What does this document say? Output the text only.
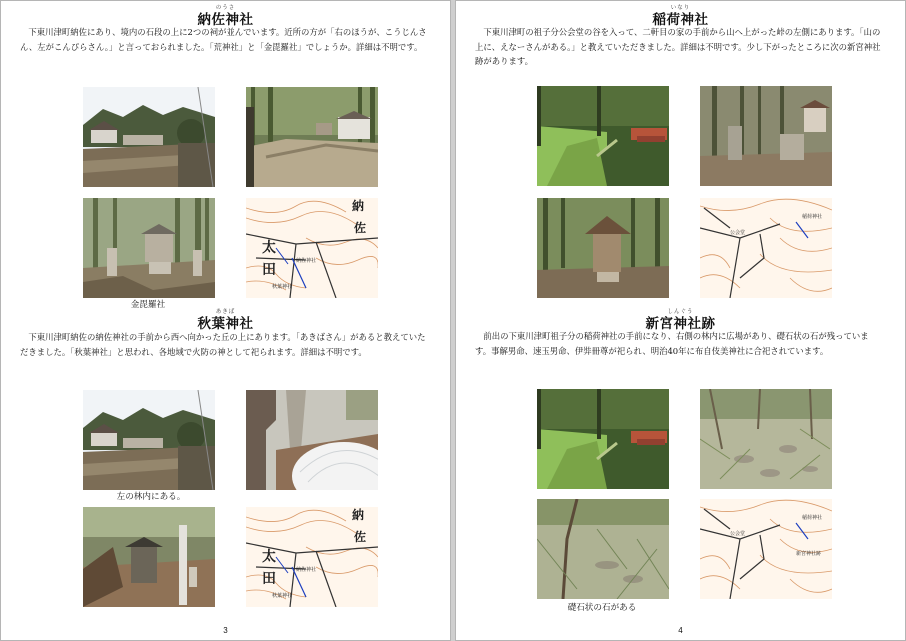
のうさ
納佐神社

下東川津町納佐にあり、境内の石段の上に2つの祠が並んでいます。近所の方が「右のほうが、こうじんさん、左がこんぴらさん。」と言っておられました。「荒神社」と「金毘羅社」でしょうか。詳細は不明です。

納
佐
太
田
納佐神社
秋葉神社
金毘羅社
あきば
秋葉神社

下東川津町納佐の納佐神社の手前から西へ向かった丘の上にあります。「あきばさん」があると教えていただきました。「秋葉神社」と思われ、各地域で火防の神として祀られます。詳細は不明です。

左の林内にある。
納
佐
太
田
納佐神社
秋葉神社
3
いなり
稲荷神社

下東川津町の祖子分公会堂の谷を入って、二軒目の家の手前から山へ上がった峠の左側にあります。「山の上に、えなーさんがある。」と教えていただきました。詳細は不明です。少し下がったところに次の新宮神社跡があります。

公会堂
稲荷神社
しんぐう
新宮神社跡

前出の下東川津町祖子分の稲荷神社の手前になり、右側の林内に広場があり、礎石状の石が残っています。事解男命、速玉男命、伊弉冊尊が祀られ、明治40年に布自伎美神社に合祀されています。

公会堂
稲荷神社
新宮神社跡
礎石状の石がある
4
